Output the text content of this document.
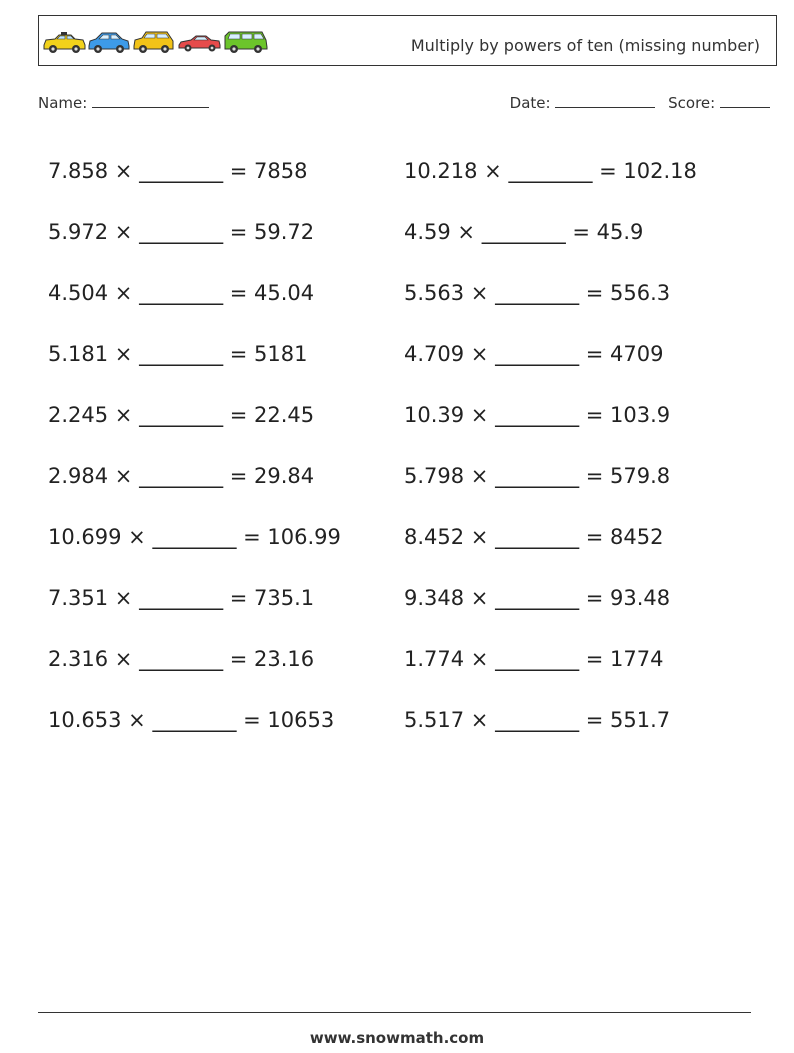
Multiply by powers of ten (missing number)
Name:	Date:	Score:
7.858 × ________ = 7858	10.218 × ________ = 102.18
5.972 × ________ = 59.72	4.59 × ________ = 45.9
4.504 × ________ = 45.04	5.563 × ________ = 556.3
5.181 × ________ = 5181	4.709 × ________ = 4709
2.245 × ________ = 22.45	10.39 × ________ = 103.9
2.984 × ________ = 29.84	5.798 × ________ = 579.8
10.699 × ________ = 106.99	8.452 × ________ = 8452
7.351 × ________ = 735.1	9.348 × ________ = 93.48
2.316 × ________ = 23.16	1.774 × ________ = 1774
10.653 × ________ = 10653	5.517 × ________ = 551.7
www.snowmath.com
